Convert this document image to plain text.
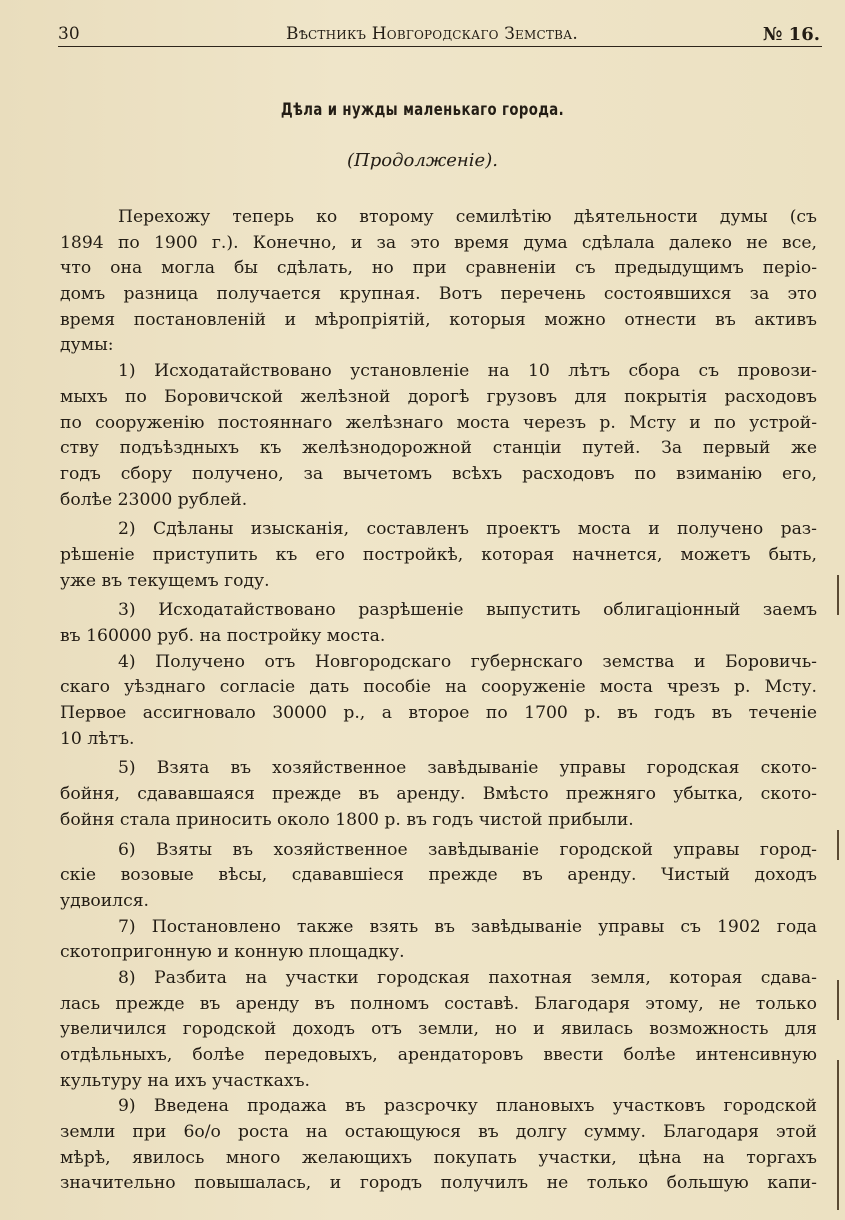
30	Вѣстникъ Новгородскаго Земства.	№ 16.
Дѣла и нужды маленькаго города.
(Продолженіе).
Перехожу теперь ко второму семилѣтію дѣятельности думы (съ
1894 по 1900 г.). Конечно, и за это время дума сдѣлала далеко не все,
что она могла бы сдѣлать, но при сравненіи съ предыдущимъ періо-
домъ разница получается крупная. Вотъ перечень состоявшихся за это
время постановленій и мѣропріятій, которыя можно отнести въ активъ
думы:
1) Исходатайствовано установленіе на 10 лѣтъ сбора съ провози-
мыхъ по Боровичской желѣзной дорогѣ грузовъ для покрытія расходовъ
по сооруженію постояннаго желѣзнаго моста черезъ р. Мсту и по устрой-
ству подъѣздныхъ къ желѣзнодорожной станціи путей. За первый же
годъ сбору получено, за вычетомъ всѣхъ расходовъ по взиманію его,
болѣе 23000 рублей.
2) Сдѣланы изысканія, составленъ проектъ моста и получено раз-
рѣшеніе приступить къ его постройкѣ, которая начнется, можетъ быть,
уже въ текущемъ году.
3) Исходатайствовано разрѣшеніе выпустить облигаціонный заемъ
въ 160000 руб. на постройку моста.
4) Получено отъ Новгородскаго губернскаго земства и Боровичь-
скаго уѣзднаго согласіе дать пособіе на сооруженіе моста чрезъ р. Мсту.
Первое ассигновало 30000 р., а второе по 1700 р. въ годъ въ теченіе
10 лѣтъ.
5) Взята въ хозяйственное завѣдываніе управы городская ското-
бойня, сдававшаяся прежде въ аренду. Вмѣсто прежняго убытка, ското-
бойня стала приносить около 1800 р. въ годъ чистой прибыли.
6) Взяты въ хозяйственное завѣдываніе городской управы город-
скіе возовые вѣсы, сдававшіеся прежде въ аренду. Чистый доходъ
удвоился.
7) Постановлено также взять въ завѣдываніе управы съ 1902 года
скотопригонную и конную площадку.
8) Разбита на участки городская пахотная земля, которая сдава-
лась прежде въ аренду въ полномъ составѣ. Благодаря этому, не только
увеличился городской доходъ отъ земли, но и явилась возможность для
отдѣльныхъ, болѣе передовыхъ, арендаторовъ ввести болѣе интенсивную
культуру на ихъ участкахъ.
9) Введена продажа въ разсрочку плановыхъ участковъ городской
земли при 6о/о роста на остающуюся въ долгу сумму. Благодаря этой
мѣрѣ, явилось много желающихъ покупать участки, цѣна на торгахъ
значительно повышалась, и городъ получилъ не только большую капи-
